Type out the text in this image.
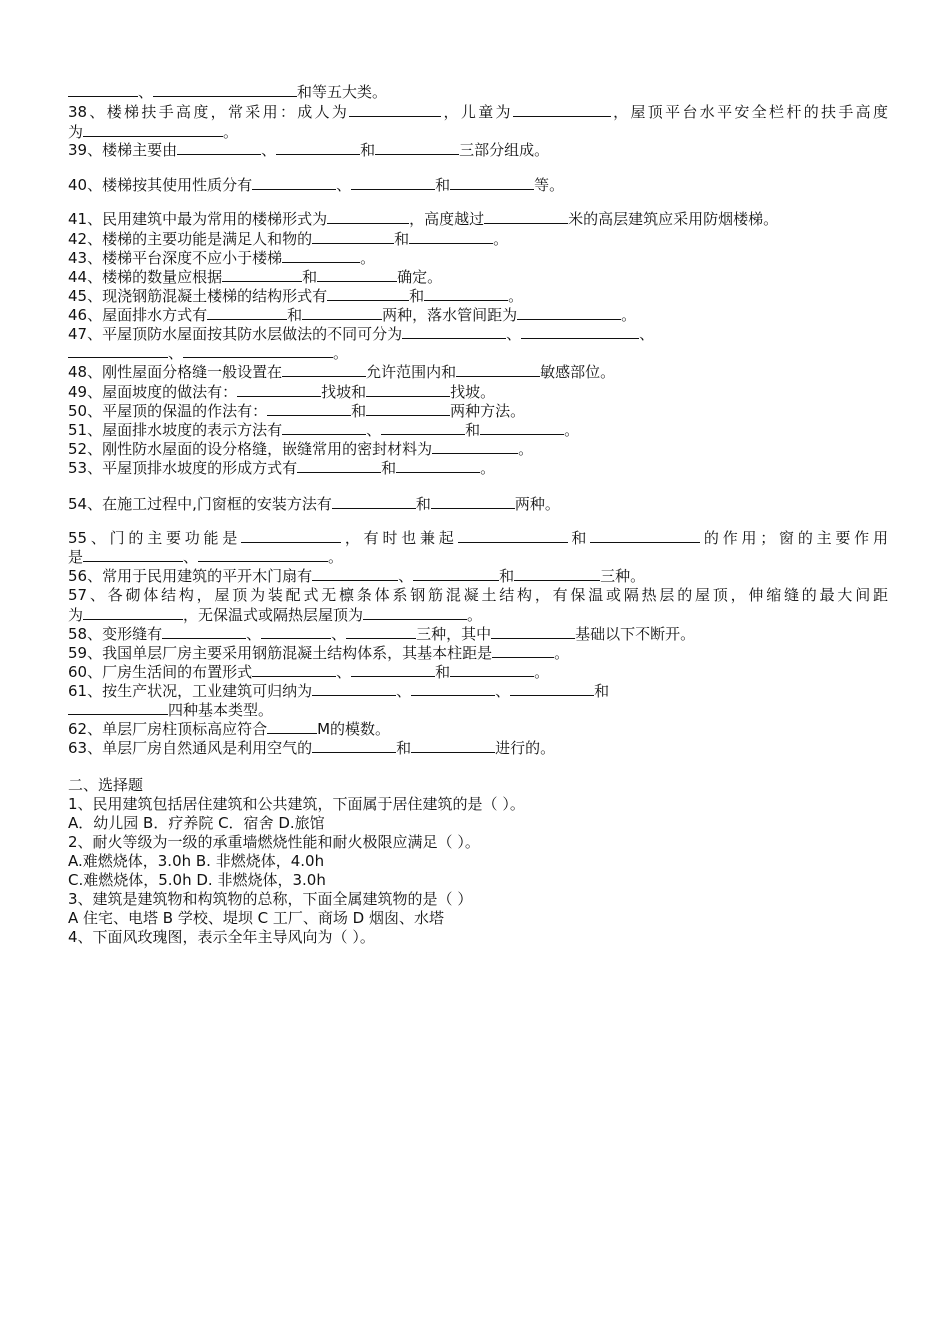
、	和等五大类。
38、楼梯扶手高度，常采用：成人为	，儿童为	，屋顶平台水平安全栏杆的扶手高度
为	。
39、楼梯主要由	、	和	三部分组成。
40、楼梯按其使用性质分有	、	和	等。
41、民用建筑中最为常用的楼梯形式为	，高度越过	米的高层建筑应采用防烟楼梯。
42、楼梯的主要功能是满足人和物的	和	。
43、楼梯平台深度不应小于楼梯	。
44、楼梯的数量应根据	和	确定。
45、现浇钢筋混凝土楼梯的结构形式有	和	。
46、屋面排水方式有	和	两种，落水管间距为	。
47、平屋顶防水屋面按其防水层做法的不同可分为	、	、
、	。
48、刚性屋面分格缝一般设置在	允许范围内和	敏感部位。
49、屋面坡度的做法有：	找坡和	找坡。
50、平屋顶的保温的作法有：	和	两种方法。
51、屋面排水坡度的表示方法有	、	和	。
52、刚性防水屋面的设分格缝，嵌缝常用的密封材料为	。
53、平屋顶排水坡度的形成方式有	和	。
54、在施工过程中,门窗框的安装方法有	和	两种。
55、门的主要功能是	，有时也兼起	和	的作用；窗的主要作用
是	、	。
56、常用于民用建筑的平开木门扇有	、	和	三种。
57、各砌体结构，屋顶为装配式无檩条体系钢筋混凝土结构，有保温或隔热层的屋顶，伸缩缝的最大间距
为	，无保温式或隔热层屋顶为	。
58、变形缝有	、	、	三种，其中	基础以下不断开。
59、我国单层厂房主要采用钢筋混凝土结构体系，其基本柱距是	。
60、厂房生活间的布置形式	、	和	。
61、按生产状况，工业建筑可归纳为	、	、	和
四种基本类型。
62、单层厂房柱顶标高应符合	M的模数。
63、单层厂房自然通风是利用空气的	和	进行的。
二、选择题
1、民用建筑包括居住建筑和公共建筑，下面属于居住建筑的是（ ）。
A．幼儿园 B．疗养院 C．宿舍 D.旅馆
2、耐火等级为一级的承重墙燃烧性能和耐火极限应满足（ ）。
A.难燃烧体，3.0h B. 非燃烧体，4.0h
C.难燃烧体，5.0h D. 非燃烧体，3.0h
3、建筑是建筑物和构筑物的总称，下面全属建筑物的是（ ）
A 住宅、电塔 B 学校、堤坝 C 工厂、商场 D 烟囱、水塔
4、下面风玫瑰图，表示全年主导风向为（ ）。
